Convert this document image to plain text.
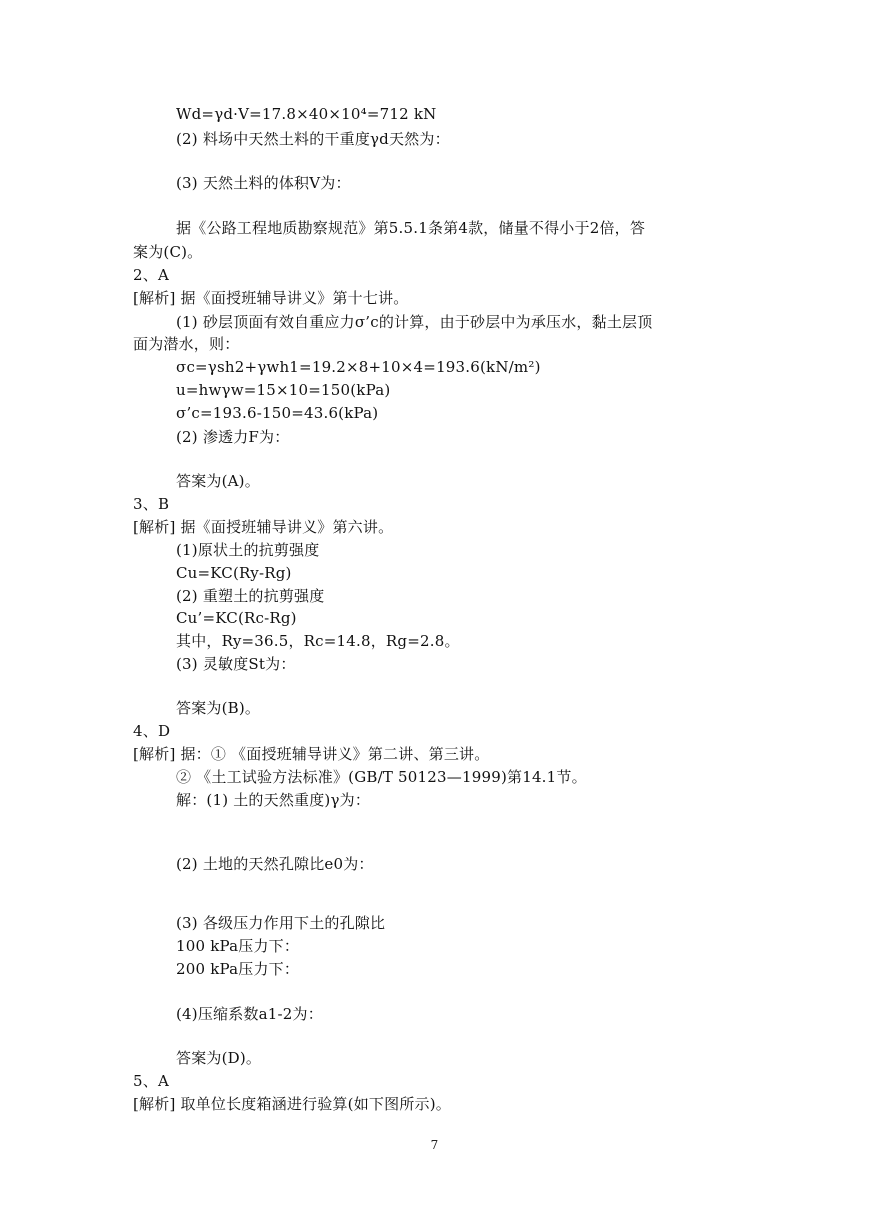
Wd=γd·V=17.8×40×10⁴=712 kN
(2) 料场中天然土料的干重度γd天然为：
(3) 天然土料的体积V为：
据《公路工程地质勘察规范》第5.5.1条第4款，储量不得小于2倍，答
案为(C)。
2、A
[解析] 据《面授班辅导讲义》第十七讲。
(1) 砂层顶面有效自重应力σ’c的计算，由于砂层中为承压水，黏土层顶
面为潜水，则：
σc=γsh2+γwh1=19.2×8+10×4=193.6(kN/m²)
u=hwγw=15×10=150(kPa)
σ’c=193.6-150=43.6(kPa)
(2) 渗透力F为：
答案为(A)。
3、B
[解析] 据《面授班辅导讲义》第六讲。
(1)原状土的抗剪强度
Cu=KC(Ry-Rg)
(2) 重塑土的抗剪强度
Cu’=KC(Rc-Rg)
其中，Ry=36.5，Rc=14.8，Rg=2.8。
(3) 灵敏度St为：
答案为(B)。
4、D
[解析] 据：① 《面授班辅导讲义》第二讲、第三讲。
② 《土工试验方法标准》(GB/T 50123—1999)第14.1节。
解：(1) 土的天然重度)γ为：
(2) 土地的天然孔隙比e0为：
(3) 各级压力作用下土的孔隙比
100 kPa压力下：
200 kPa压力下：
(4)压缩系数a1-2为：
答案为(D)。
5、A
[解析] 取单位长度箱涵进行验算(如下图所示)。
7
